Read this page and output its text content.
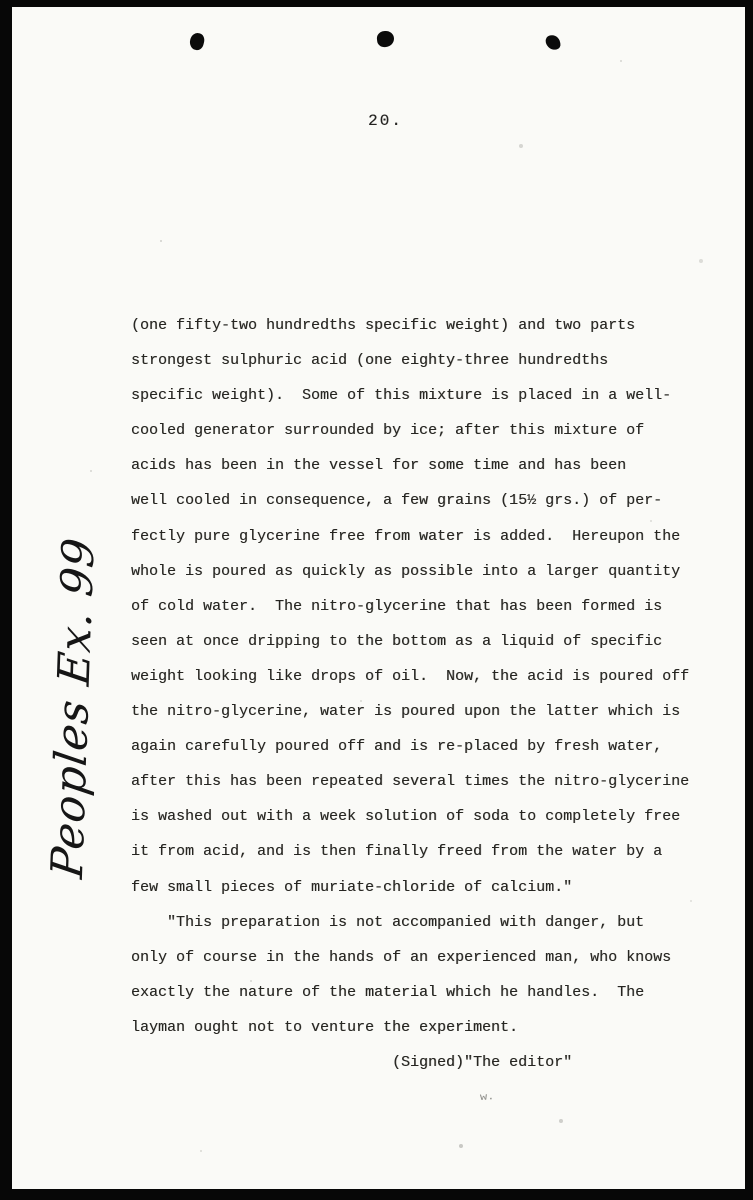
20.
Peoples Ex. 99
(one fifty-two hundredths specific weight) and two parts
strongest sulphuric acid (one eighty-three hundredths
specific weight).  Some of this mixture is placed in a well-
cooled generator surrounded by ice; after this mixture of
acids has been in the vessel for some time and has been
well cooled in consequence, a few grains (15½ grs.) of per-
fectly pure glycerine free from water is added.  Hereupon the
whole is poured as quickly as possible into a larger quantity
of cold water.  The nitro-glycerine that has been formed is
seen at once dripping to the bottom as a liquid of specific
weight looking like drops of oil.  Now, the acid is poured off
the nitro-glycerine, water is poured upon the latter which is
again carefully poured off and is re-placed by fresh water,
after this has been repeated several times the nitro-glycerine
is washed out with a week solution of soda to completely free
it from acid, and is then finally freed from the water by a
few small pieces of muriate-chloride of calcium."
"This preparation is not accompanied with danger, but
only of course in the hands of an experienced man, who knows
exactly the nature of the material which he handles.  The
layman ought not to venture the experiment.
(Signed)"The editor"
w.
